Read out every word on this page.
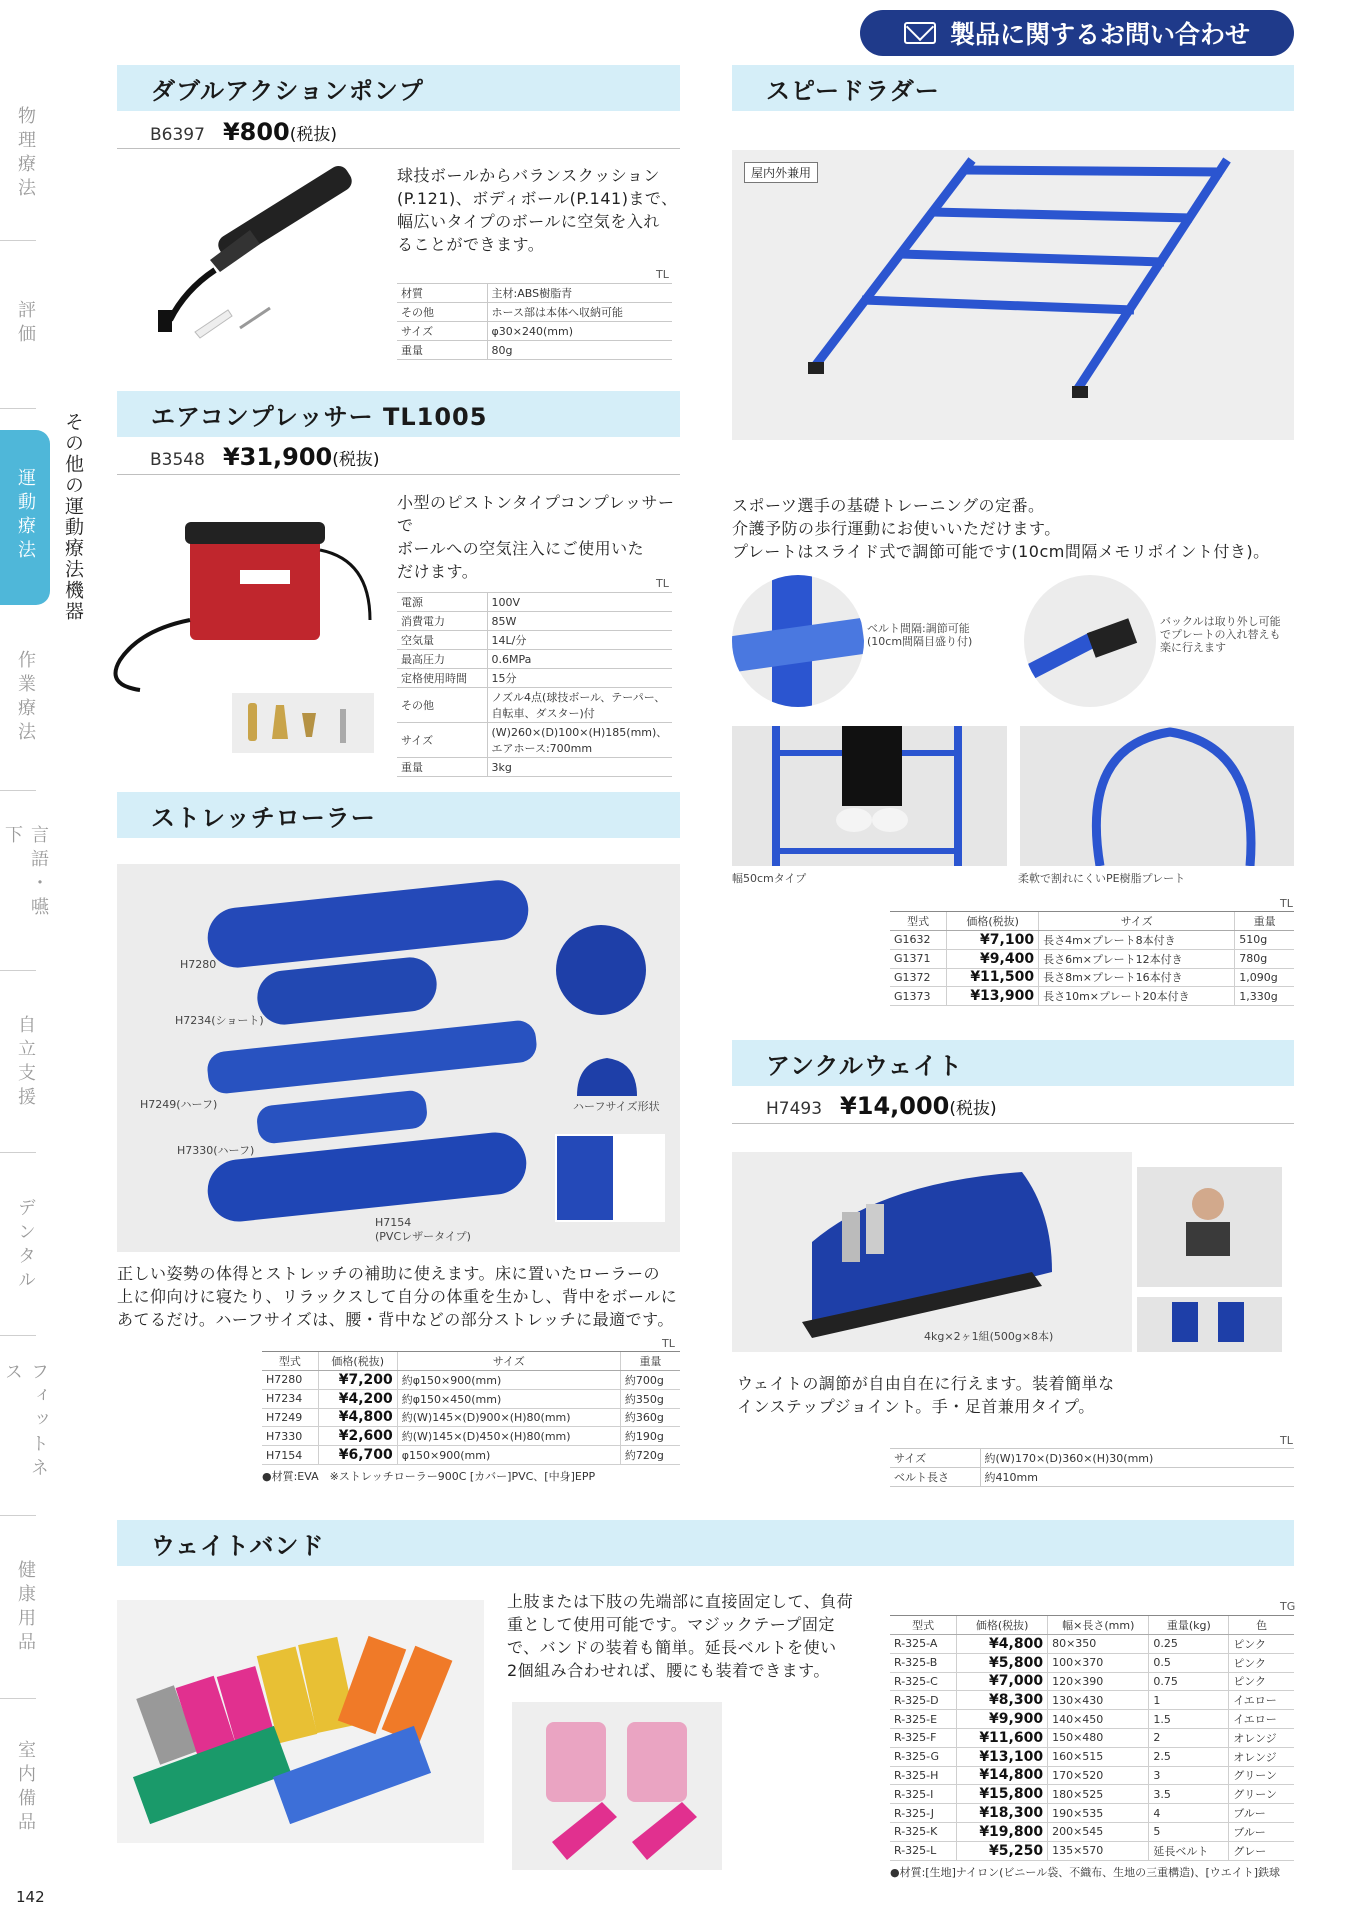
物理療法
評価
運動療法
作業療法
言語・嚥下
自立支援
デンタル
フィットネス
健康用品
室内備品
その他の運動療法機器
製品に関するお問い合わせ
ダブルアクションポンプ
B6397 ¥800(税抜)
球技ボールからバランスクッション
(P.121)、ボディボール(P.141)まで、
幅広いタイプのボールに空気を入れ
ることができます。
TL
材質	主材:ABS樹脂青
その他	ホース部は本体へ収納可能
サイズ	φ30×240(mm)
重量	80g
エアコンプレッサー TL1005
B3548 ¥31,900(税抜)
小型のピストンタイプコンプレッサーで
ボールへの空気注入にご使用いた
だけます。
TL
電源	100V
消費電力	85W
空気量	14L/分
最高圧力	0.6MPa
定格使用時間	15分
その他	ノズル4点(球技ボール、テーパー、自転車、ダスター)付
サイズ	(W)260×(D)100×(H)185(mm)、エアホース:700mm
重量	3kg
ストレッチローラー
H7280
H7234(ショート)
H7249(ハーフ)
H7330(ハーフ)
H7154
(PVCレザータイプ)
ハーフサイズ形状
正しい姿勢の体得とストレッチの補助に使えます。床に置いたローラーの
上に仰向けに寝たり、リラックスして自分の体重を生かし、背中をボールに
あてるだけ。ハーフサイズは、腰・背中などの部分ストレッチに最適です。
TL
型式	価格(税抜)	サイズ	重量
H7280	¥7,200	約φ150×900(mm)	約700g
H7234	¥4,200	約φ150×450(mm)	約350g
H7249	¥4,800	約(W)145×(D)900×(H)80(mm)	約360g
H7330	¥2,600	約(W)145×(D)450×(H)80(mm)	約190g
H7154	¥6,700	φ150×900(mm)	約720g
●材質:EVA　※ストレッチローラー900C [カバー]PVC、[中身]EPP
スピードラダー
屋内外兼用
スポーツ選手の基礎トレーニングの定番。
介護予防の歩行運動にお使いいただけます。
プレートはスライド式で調節可能です(10cm間隔メモリポイント付き)。
ベルト間隔:調節可能
(10cm間隔目盛り付)
バックルは取り外し可能
でプレートの入れ替えも
楽に行えます
幅50cmタイプ	柔軟で割れにくいPE樹脂プレート
TL
型式	価格(税抜)	サイズ	重量
G1632	¥7,100	長さ4m×プレート8本付き	510g
G1371	¥9,400	長さ6m×プレート12本付き	780g
G1372	¥11,500	長さ8m×プレート16本付き	1,090g
G1373	¥13,900	長さ10m×プレート20本付き	1,330g
アンクルウェイト
H7493 ¥14,000(税抜)
4kg×2ヶ1組(500g×8本)
ウェイトの調節が自由自在に行えます。装着簡単な
インステップジョイント。手・足首兼用タイプ。
TL
サイズ	約(W)170×(D)360×(H)30(mm)
ベルト長さ	約410mm
ウェイトバンド
上肢または下肢の先端部に直接固定して、負荷
重として使用可能です。マジックテープ固定
で、バンドの装着も簡単。延長ベルトを使い
2個組み合わせれば、腰にも装着できます。
TG
型式	価格(税抜)	幅×長さ(mm)	重量(kg)	色
R-325-A	¥4,800	80×350	0.25	ピンク
R-325-B	¥5,800	100×370	0.5	ピンク
R-325-C	¥7,000	120×390	0.75	ピンク
R-325-D	¥8,300	130×430	1	イエロー
R-325-E	¥9,900	140×450	1.5	イエロー
R-325-F	¥11,600	150×480	2	オレンジ
R-325-G	¥13,100	160×515	2.5	オレンジ
R-325-H	¥14,800	170×520	3	グリーン
R-325-I	¥15,800	180×525	3.5	グリーン
R-325-J	¥18,300	190×535	4	ブルー
R-325-K	¥19,800	200×545	5	ブルー
R-325-L	¥5,250	135×570	延長ベルト	グレー
●材質:[生地]ナイロン(ビニール袋、不織布、生地の三重構造)、[ウエイト]鉄球
142
